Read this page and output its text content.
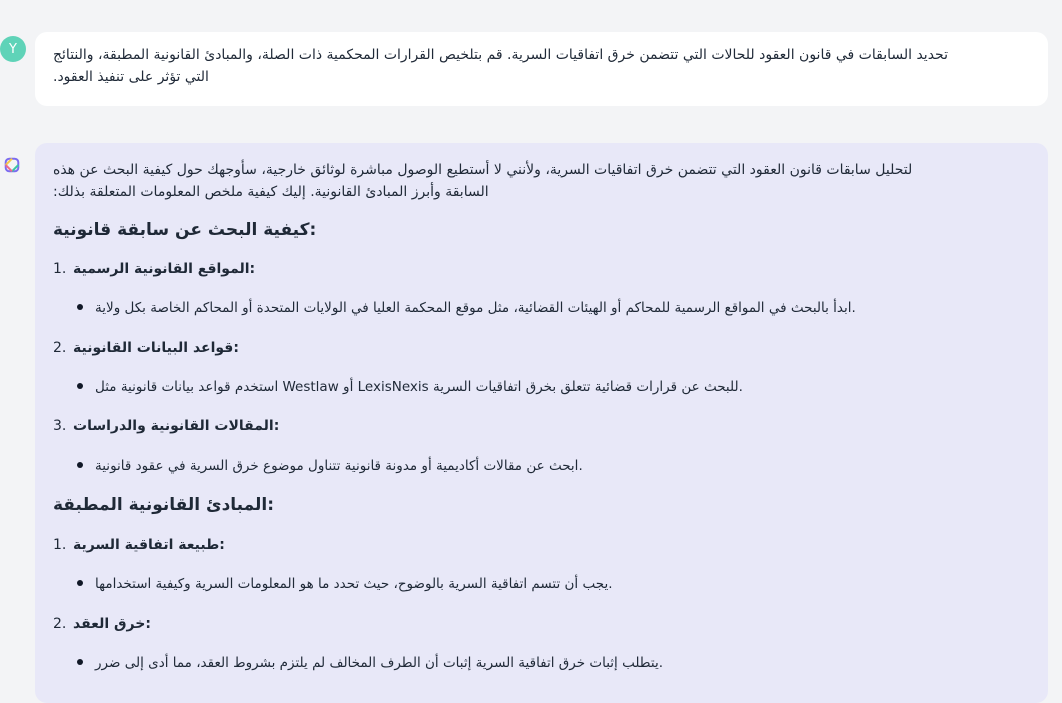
Y	تحديد السابقات في قانون العقود للحالات التي تتضمن خرق اتفاقيات السرية. قم بتلخيص القرارات المحكمية ذات الصلة، والمبادئ القانونية المطبقة، والنتائج
التي تؤثر على تنفيذ العقود.
لتحليل سابقات قانون العقود التي تتضمن خرق اتفاقيات السرية، ولأنني لا أستطيع الوصول مباشرة لوثائق خارجية، سأوجهك حول كيفية البحث عن هذه
السابقة وأبرز المبادئ القانونية. إليك كيفية ملخص المعلومات المتعلقة بذلك:
كيفية البحث عن سابقة قانونية:
1. المواقع القانونية الرسمية:
ابدأ بالبحث في المواقع الرسمية للمحاكم أو الهيئات القضائية، مثل موقع المحكمة العليا في الولايات المتحدة أو المحاكم الخاصة بكل ولاية.
2. قواعد البيانات القانونية:
استخدم قواعد بيانات قانونية مثل Westlaw أو LexisNexis للبحث عن قرارات قضائية تتعلق بخرق اتفاقيات السرية.
3. المقالات القانونية والدراسات:
ابحث عن مقالات أكاديمية أو مدونة قانونية تتناول موضوع خرق السرية في عقود قانونية.
المبادئ القانونية المطبقة:
1. طبيعة اتفاقية السرية:
يجب أن تتسم اتفاقية السرية بالوضوح، حيث تحدد ما هو المعلومات السرية وكيفية استخدامها.
2. خرق العقد:
يتطلب إثبات خرق اتفاقية السرية إثبات أن الطرف المخالف لم يلتزم بشروط العقد، مما أدى إلى ضرر.
